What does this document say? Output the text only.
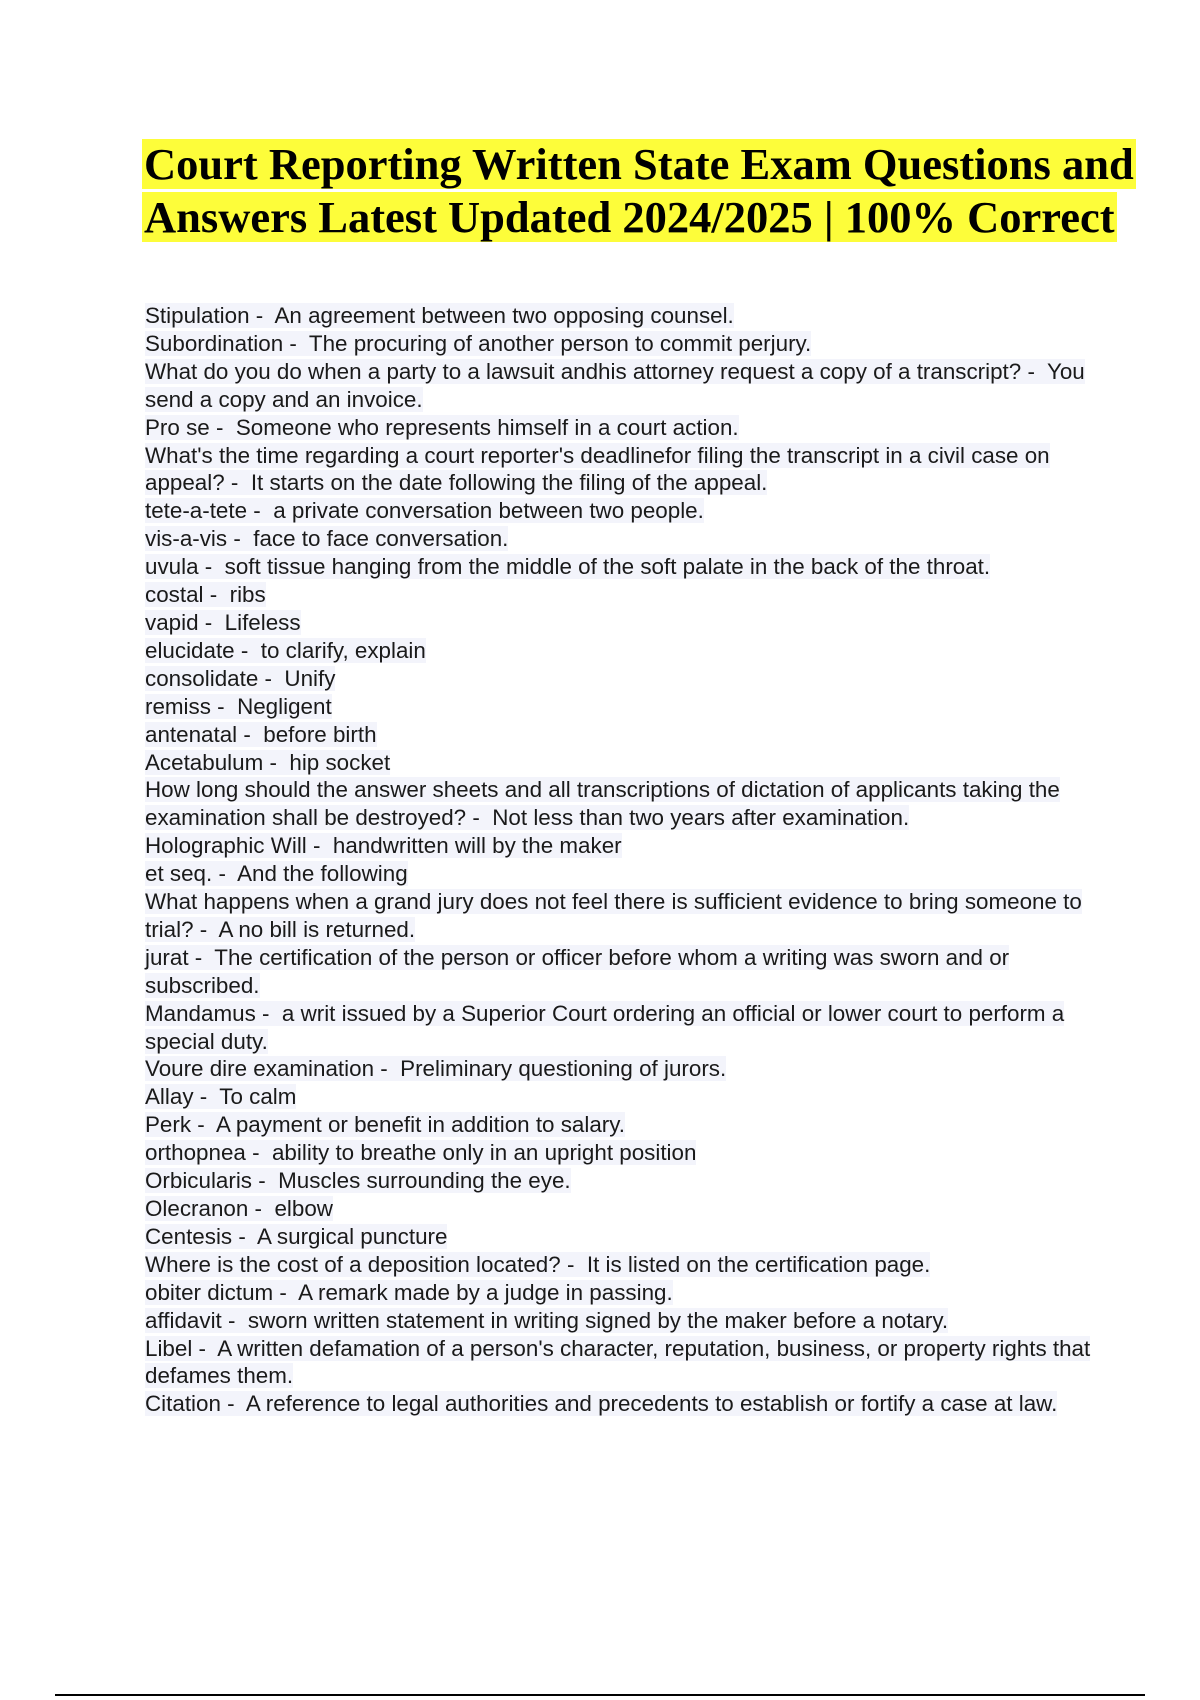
Court Reporting Written State Exam Questions and Answers Latest Updated 2024/2025 | 100% Correct
Stipulation -  An agreement between two opposing counsel.
Subordination -  The procuring of another person to commit perjury.
What do you do when a party to a lawsuit andhis attorney request a copy of a transcript? -  You send a copy and an invoice.
Pro se -  Someone who represents himself in a court action.
What's the time regarding a court reporter's deadlinefor filing the transcript in a civil case on appeal? -  It starts on the date following the filing of the appeal.
tete-a-tete -  a private conversation between two people.
vis-a-vis -  face to face conversation.
uvula -  soft tissue hanging from the middle of the soft palate in the back of the throat.
costal -  ribs
vapid -  Lifeless
elucidate -  to clarify, explain
consolidate -  Unify
remiss -  Negligent
antenatal -  before birth
Acetabulum -  hip socket
How long should the answer sheets and all transcriptions of dictation of applicants taking the examination shall be destroyed? -  Not less than two years after examination.
Holographic Will -  handwritten will by the maker
et seq. -  And the following
What happens when a grand jury does not feel there is sufficient evidence to bring someone to trial? -  A no bill is returned.
jurat -  The certification of the person or officer before whom a writing was sworn and or subscribed.
Mandamus -  a writ issued by a Superior Court ordering an official or lower court to perform a special duty.
Voure dire examination -  Preliminary questioning of jurors.
Allay -  To calm
Perk -  A payment or benefit in addition to salary.
orthopnea -  ability to breathe only in an upright position
Orbicularis -  Muscles surrounding the eye.
Olecranon -  elbow
Centesis -  A surgical puncture
Where is the cost of a deposition located? -  It is listed on the certification page.
obiter dictum -  A remark made by a judge in passing.
affidavit -  sworn written statement in writing signed by the maker before a notary.
Libel -  A written defamation of a person's character, reputation, business, or property rights that defames them.
Citation -  A reference to legal authorities and precedents to establish or fortify a case at law.
